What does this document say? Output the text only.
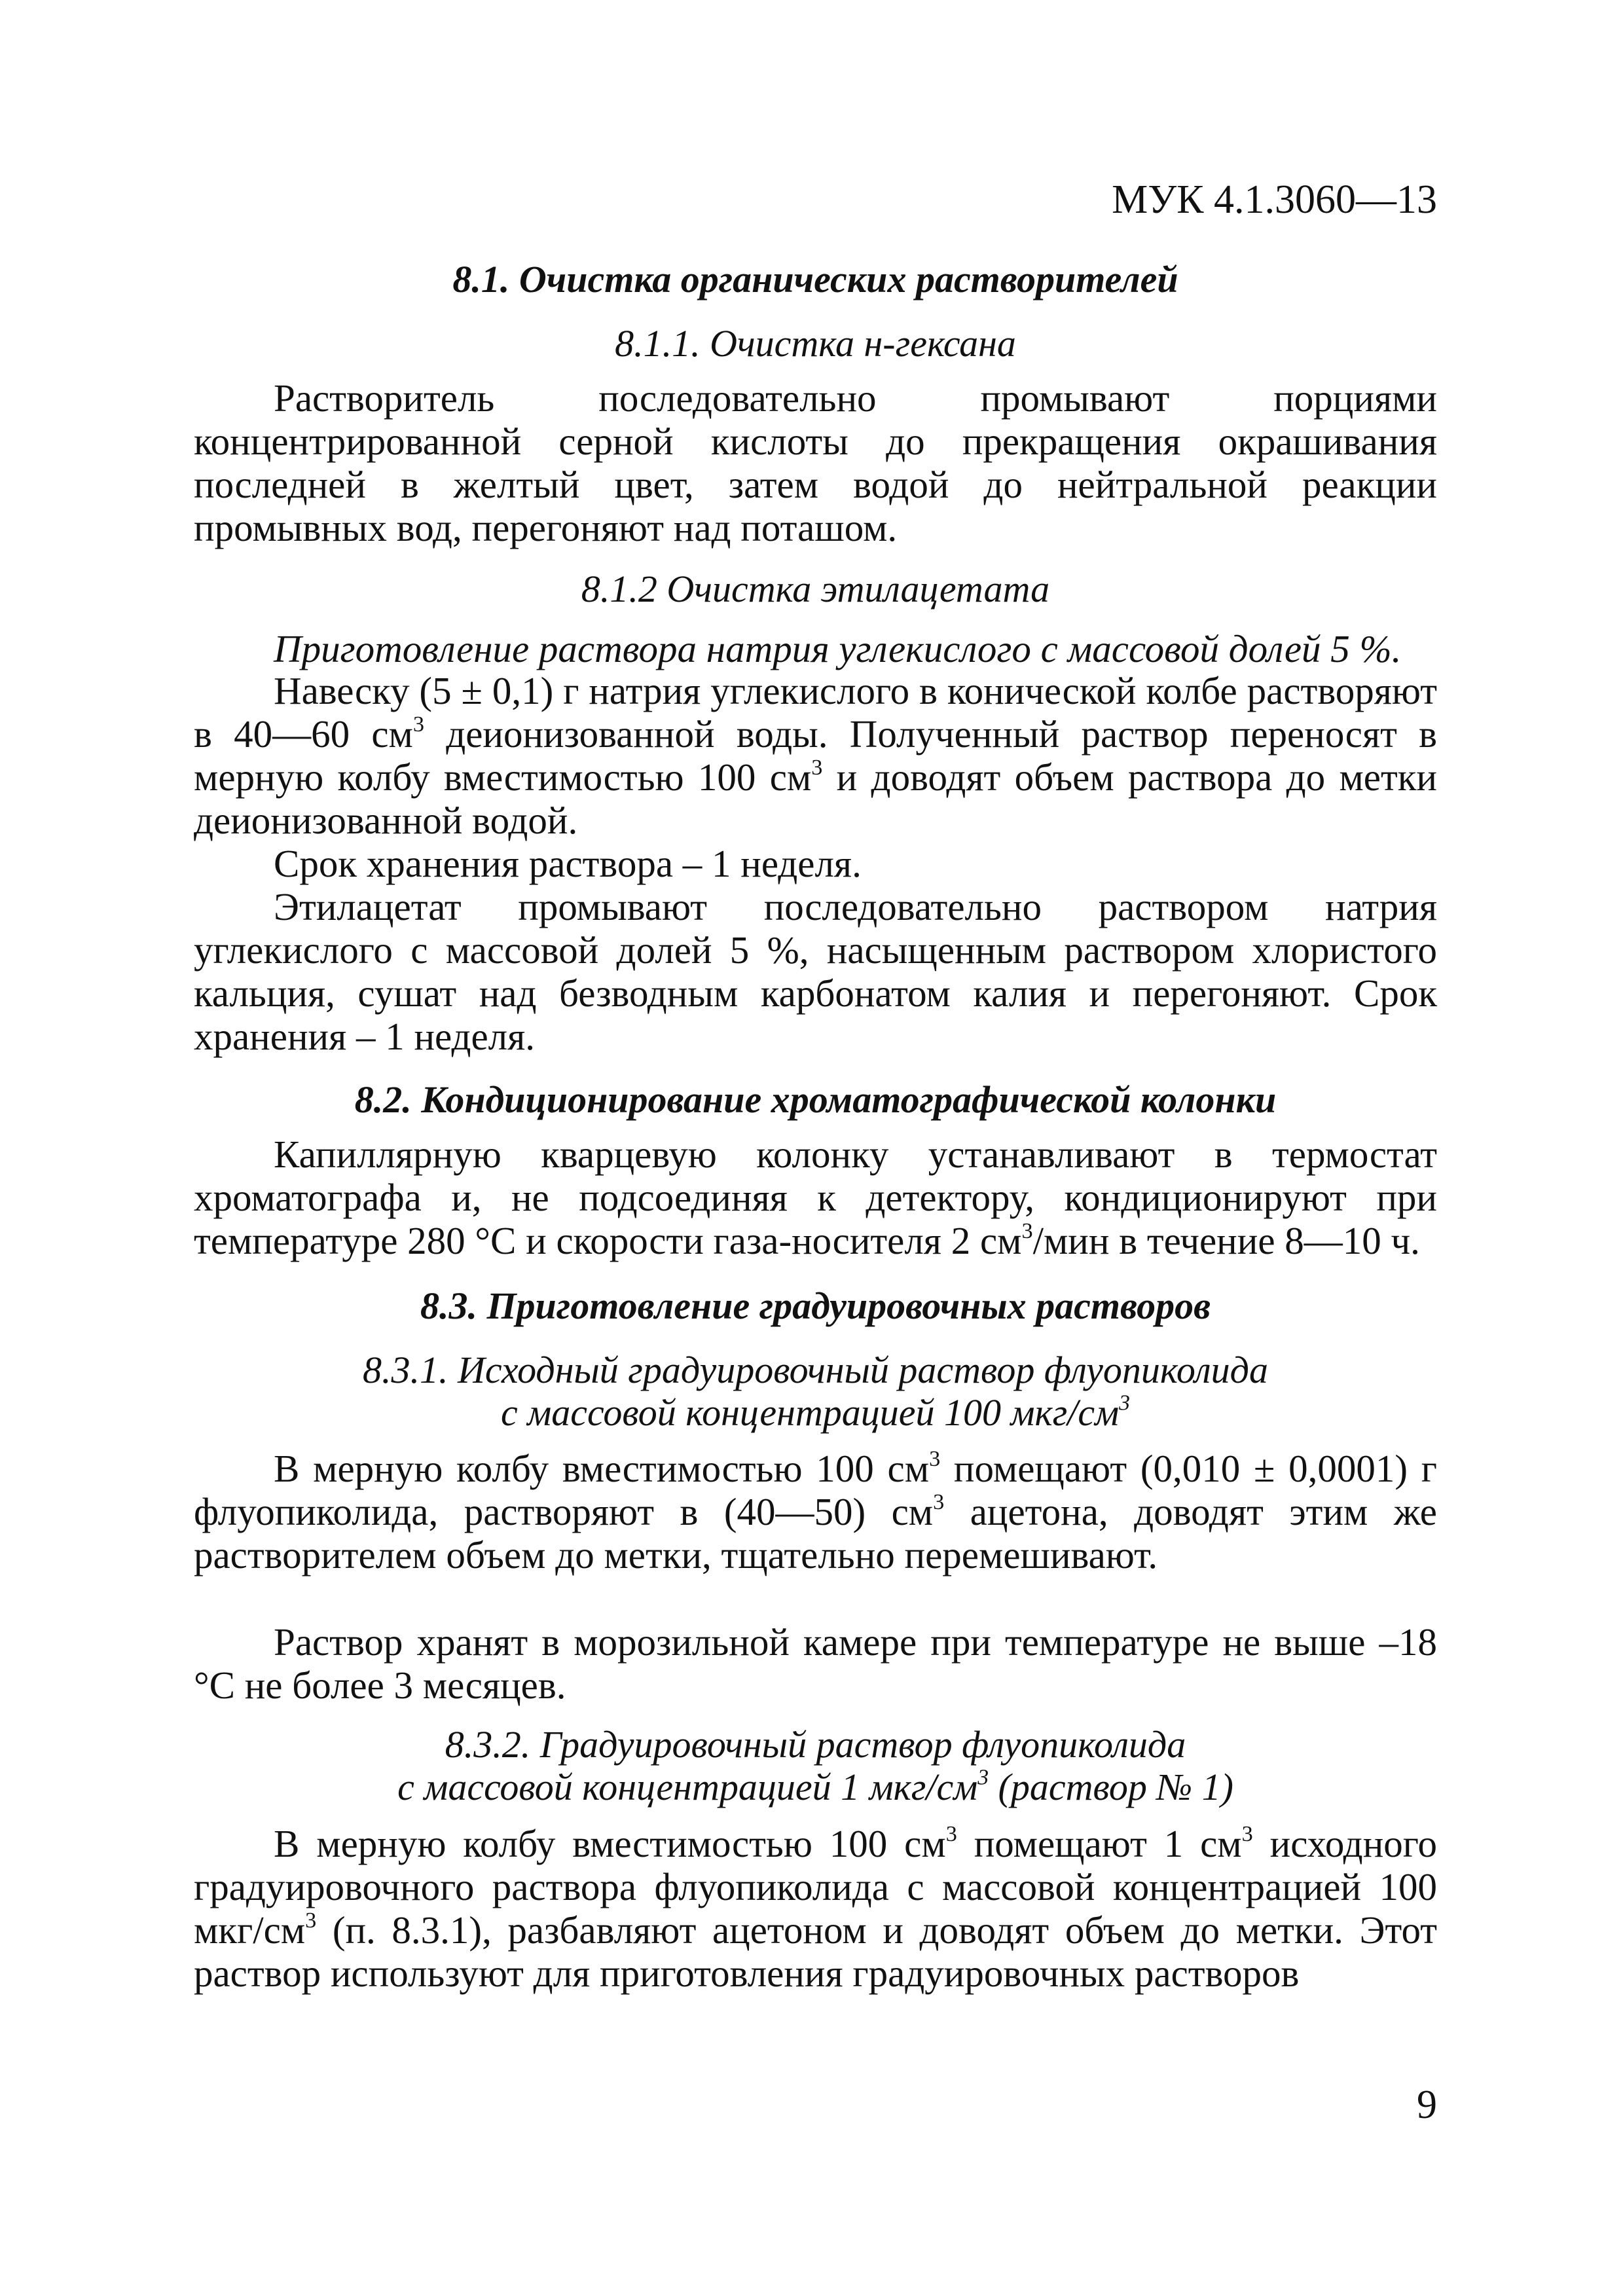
МУК 4.1.3060—13
8.1. Очистка органических растворителей
8.1.1. Очистка н-гексана

Растворитель последовательно промывают порциями концентрированной серной кислоты до прекращения окрашивания последней в желтый цвет, затем водой до нейтральной реакции промывных вод, перегоняют над поташом.

8.1.2 Очистка этилацетата

Приготовление раствора натрия углекислого с массовой долей 5 %.

Навеску (5 ± 0,1) г натрия углекислого в конической колбе растворяют в 40—60 $см^3$ деионизованной воды. Полученный раствор переносят в мерную колбу вместимостью 100 $см^3$ и доводят объем раствора до метки деионизованной водой.

Срок хранения раствора – 1 неделя.

Этилацетат промывают последовательно раствором натрия углекислого с массовой долей 5 %, насыщенным раствором хлористого кальция, сушат над безводным карбонатом калия и перегоняют. Срок хранения – 1 неделя.

8.2. Кондиционирование хроматографической колонки

Капиллярную кварцевую колонку устанавливают в термостат хроматографа и, не подсоединяя к детектору, кондиционируют при температуре 280 °С и скорости газа-носителя 2 $см^3$/мин в течение 8—10 ч.

8.3. Приготовление градуировочных растворов
8.3.1. Исходный градуировочный раствор флуопиколида
с массовой концентрацией 100 мкг/$см^3$

В мерную колбу вместимостью 100 $см^3$ помещают (0,010 ± 0,0001) г флуопиколида, растворяют в (40—50) $см^3$ ацетона, доводят этим же растворителем объем до метки, тщательно перемешивают.

Раствор хранят в морозильной камере при температуре не выше –18 °С не более 3 месяцев.

8.3.2. Градуировочный раствор флуопиколида
с массовой концентрацией 1 мкг/$см^3$ (раствор № 1)

В мерную колбу вместимостью 100 $см^3$ помещают 1 $см^3$ исходного градуировочного раствора флуопиколида с массовой концентрацией 100 мкг/$см^3$ (п. 8.3.1), разбавляют ацетоном и доводят объем до метки. Этот раствор используют для приготовления градуировочных растворов

9
